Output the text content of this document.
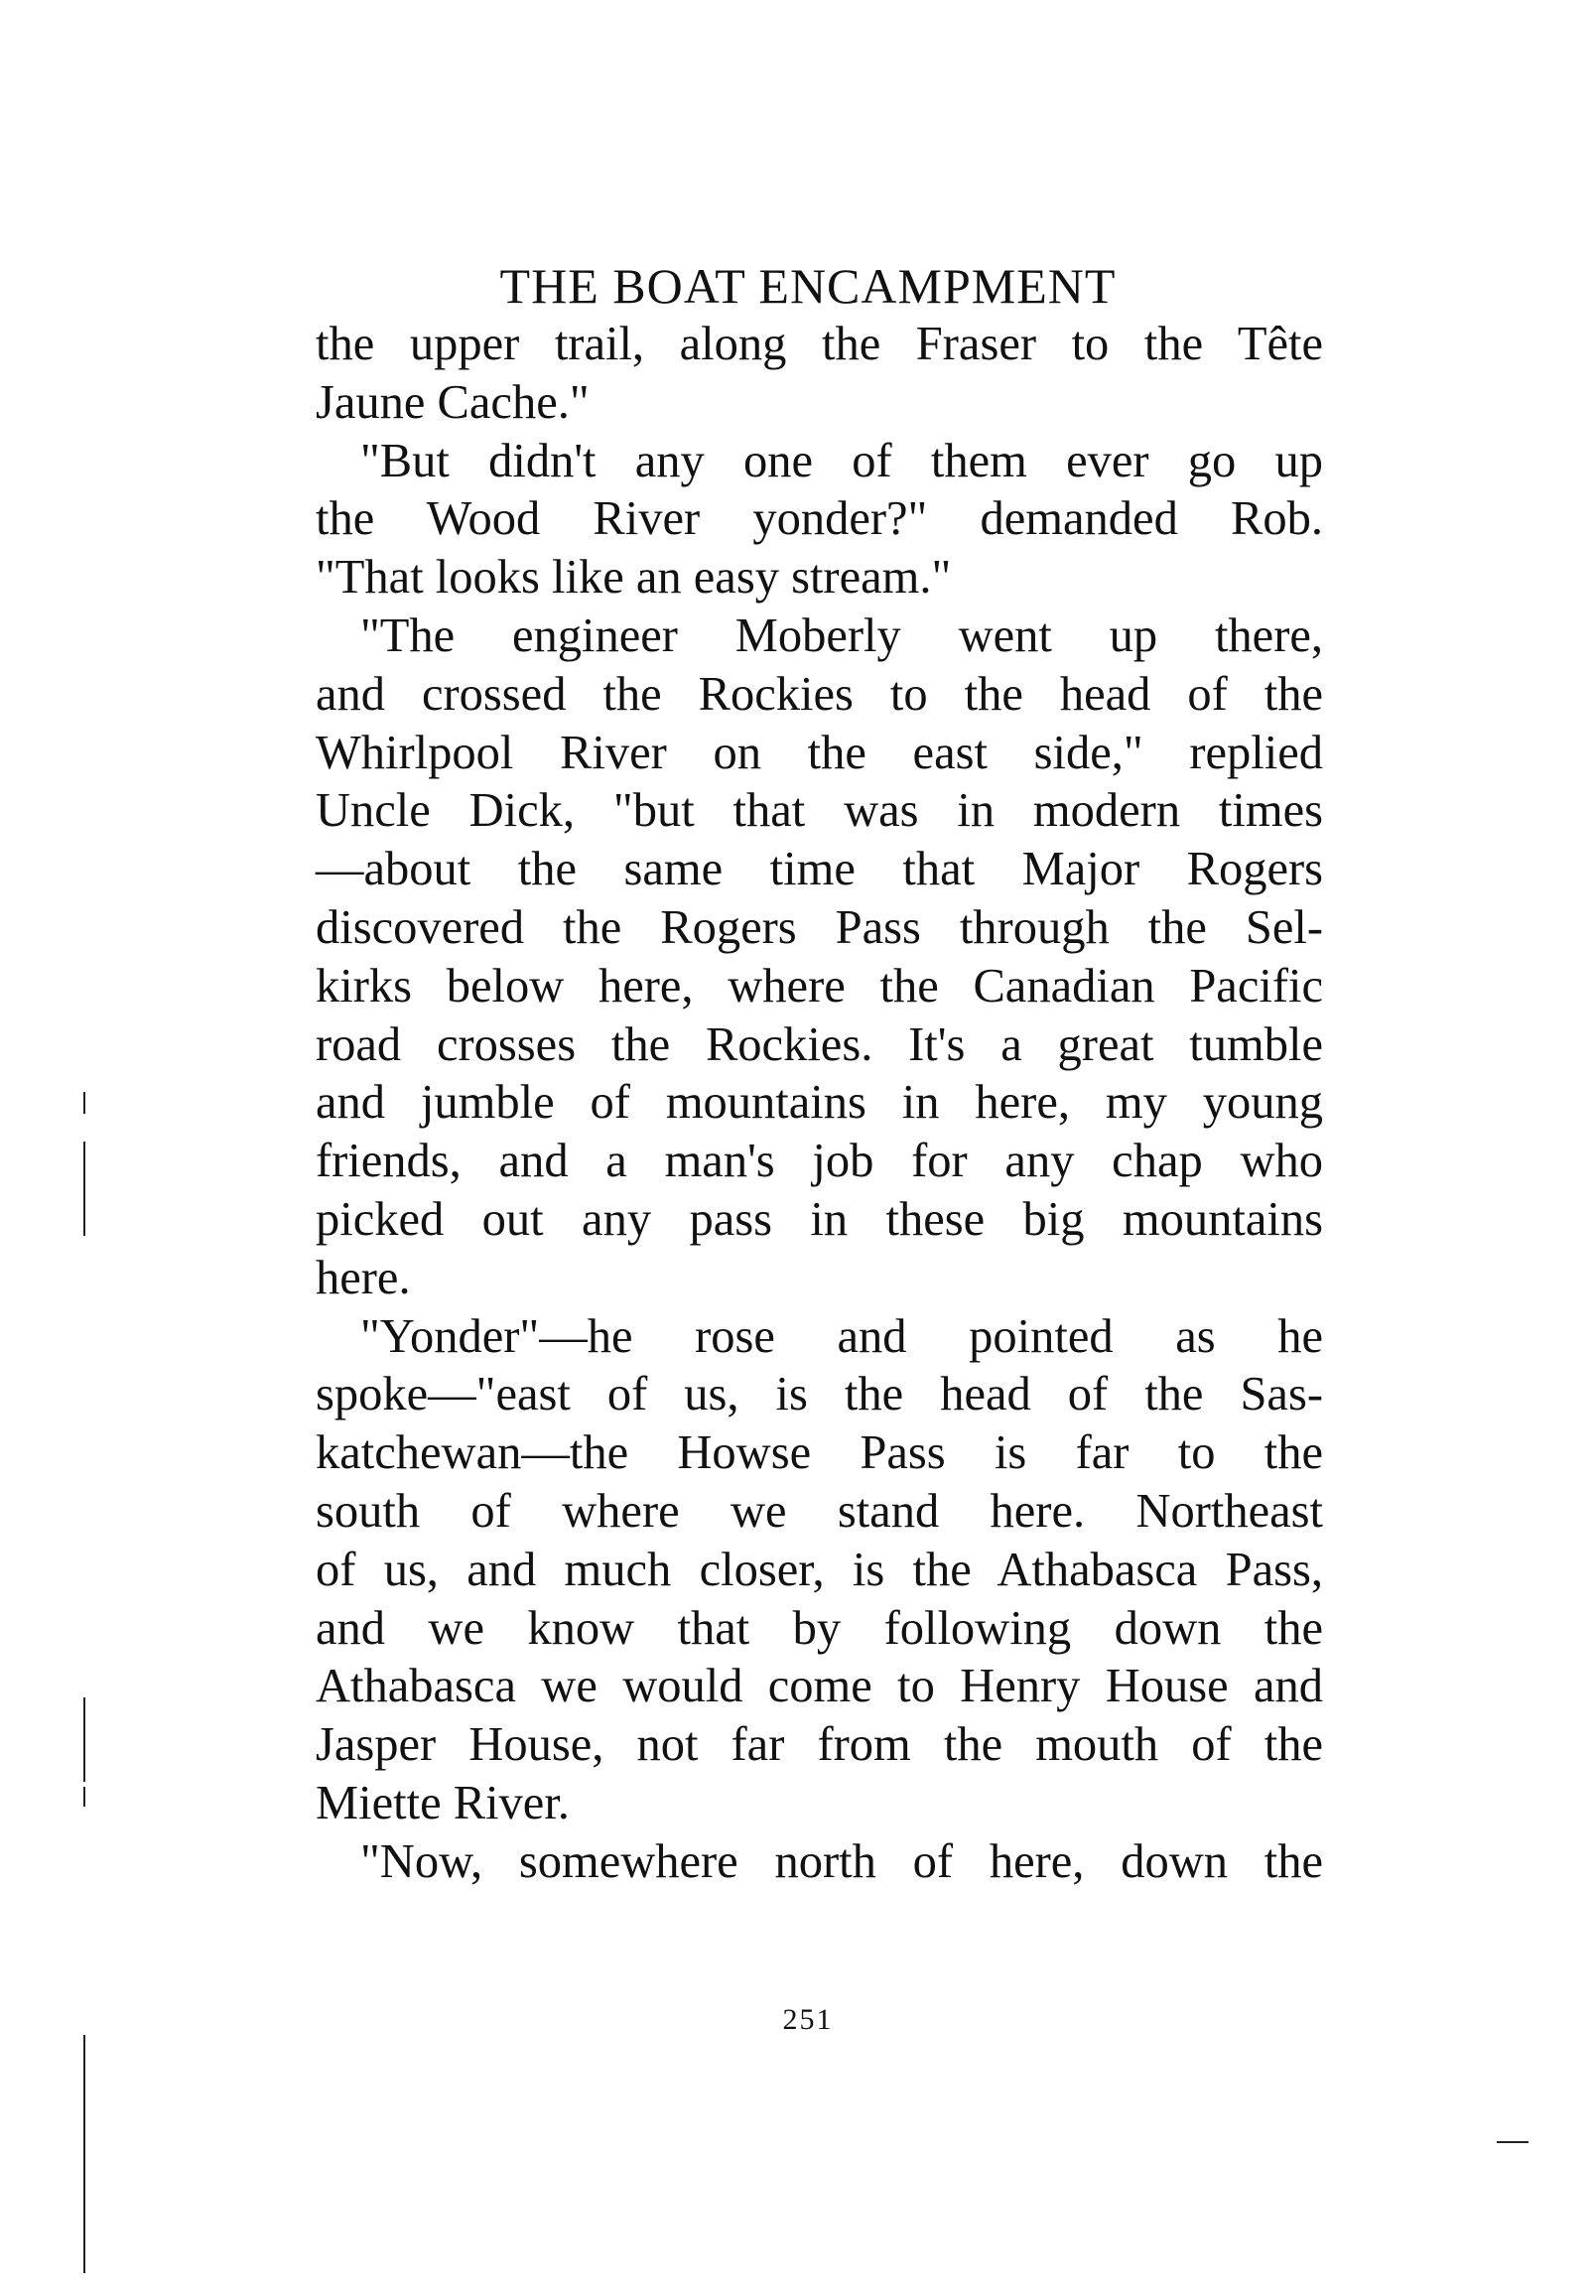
THE BOAT ENCAMPMENT
the upper trail, along the Fraser to the Tête
Jaune Cache."
"But didn't any one of them ever go up
the Wood River yonder?" demanded Rob.
"That looks like an easy stream."
"The engineer Moberly went up there,
and crossed the Rockies to the head of the
Whirlpool River on the east side," replied
Uncle Dick, "but that was in modern times
—about the same time that Major Rogers
discovered the Rogers Pass through the Sel-
kirks below here, where the Canadian Pacific
road crosses the Rockies. It's a great tumble
and jumble of mountains in here, my young
friends, and a man's job for any chap who
picked out any pass in these big mountains
here.
"Yonder"—he rose and pointed as he
spoke—"east of us, is the head of the Sas-
katchewan—the Howse Pass is far to the
south of where we stand here. Northeast
of us, and much closer, is the Athabasca Pass,
and we know that by following down the
Athabasca we would come to Henry House and
Jasper House, not far from the mouth of the
Miette River.
"Now, somewhere north of here, down the
251
